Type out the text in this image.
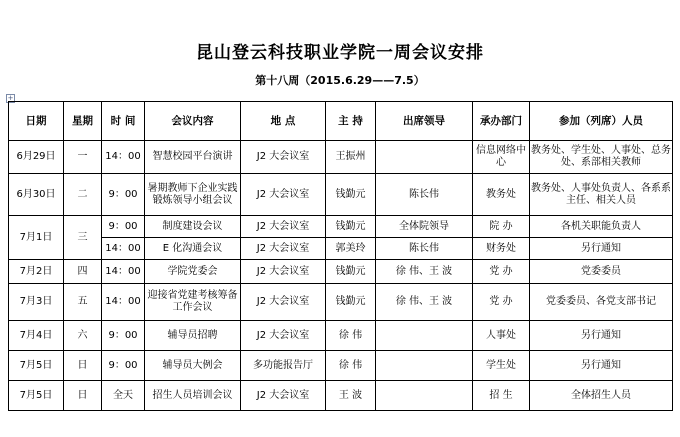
昆山登云科技职业学院一周会议安排
第十八周（2015.6.29——7.5）
+
日期	星期	时 间	会议内容	地 点	主 持	出席领导	承办部门	参加（列席）人员
6月29日	一	14：00	智慧校园平台演讲	J2 大会议室	王振州		信息网络中心	教务处、学生处、人事处、总务处、系部相关教师
6月30日	二	9：00	暑期教师下企业实践锻炼领导小组会议	J2 大会议室	钱勤元	陈长伟	教务处	教务处、人事处负责人、各系系主任、相关人员
7月1日	三	9：00	制度建设会议	J2 大会议室	钱勤元	全体院领导	院 办	各机关职能负责人
		14：00	E 化沟通会议	J2 大会议室	郭美玲	陈长伟	财务处	另行通知
7月2日	四	14：00	学院党委会	J2 大会议室	钱勤元	徐 伟、王 波	党 办	党委委员
7月3日	五	14：00	迎接省党建考核筹备工作会议	J2 大会议室	钱勤元	徐 伟、王 波	党 办	党委委员、各党支部书记
7月4日	六	9：00	辅导员招聘	J2 大会议室	徐 伟		人事处	另行通知
7月5日	日	9：00	辅导员大例会	多功能报告厅	徐 伟		学生处	另行通知
7月5日	日	全天	招生人员培训会议	J2 大会议室	王 波		招 生	全体招生人员
